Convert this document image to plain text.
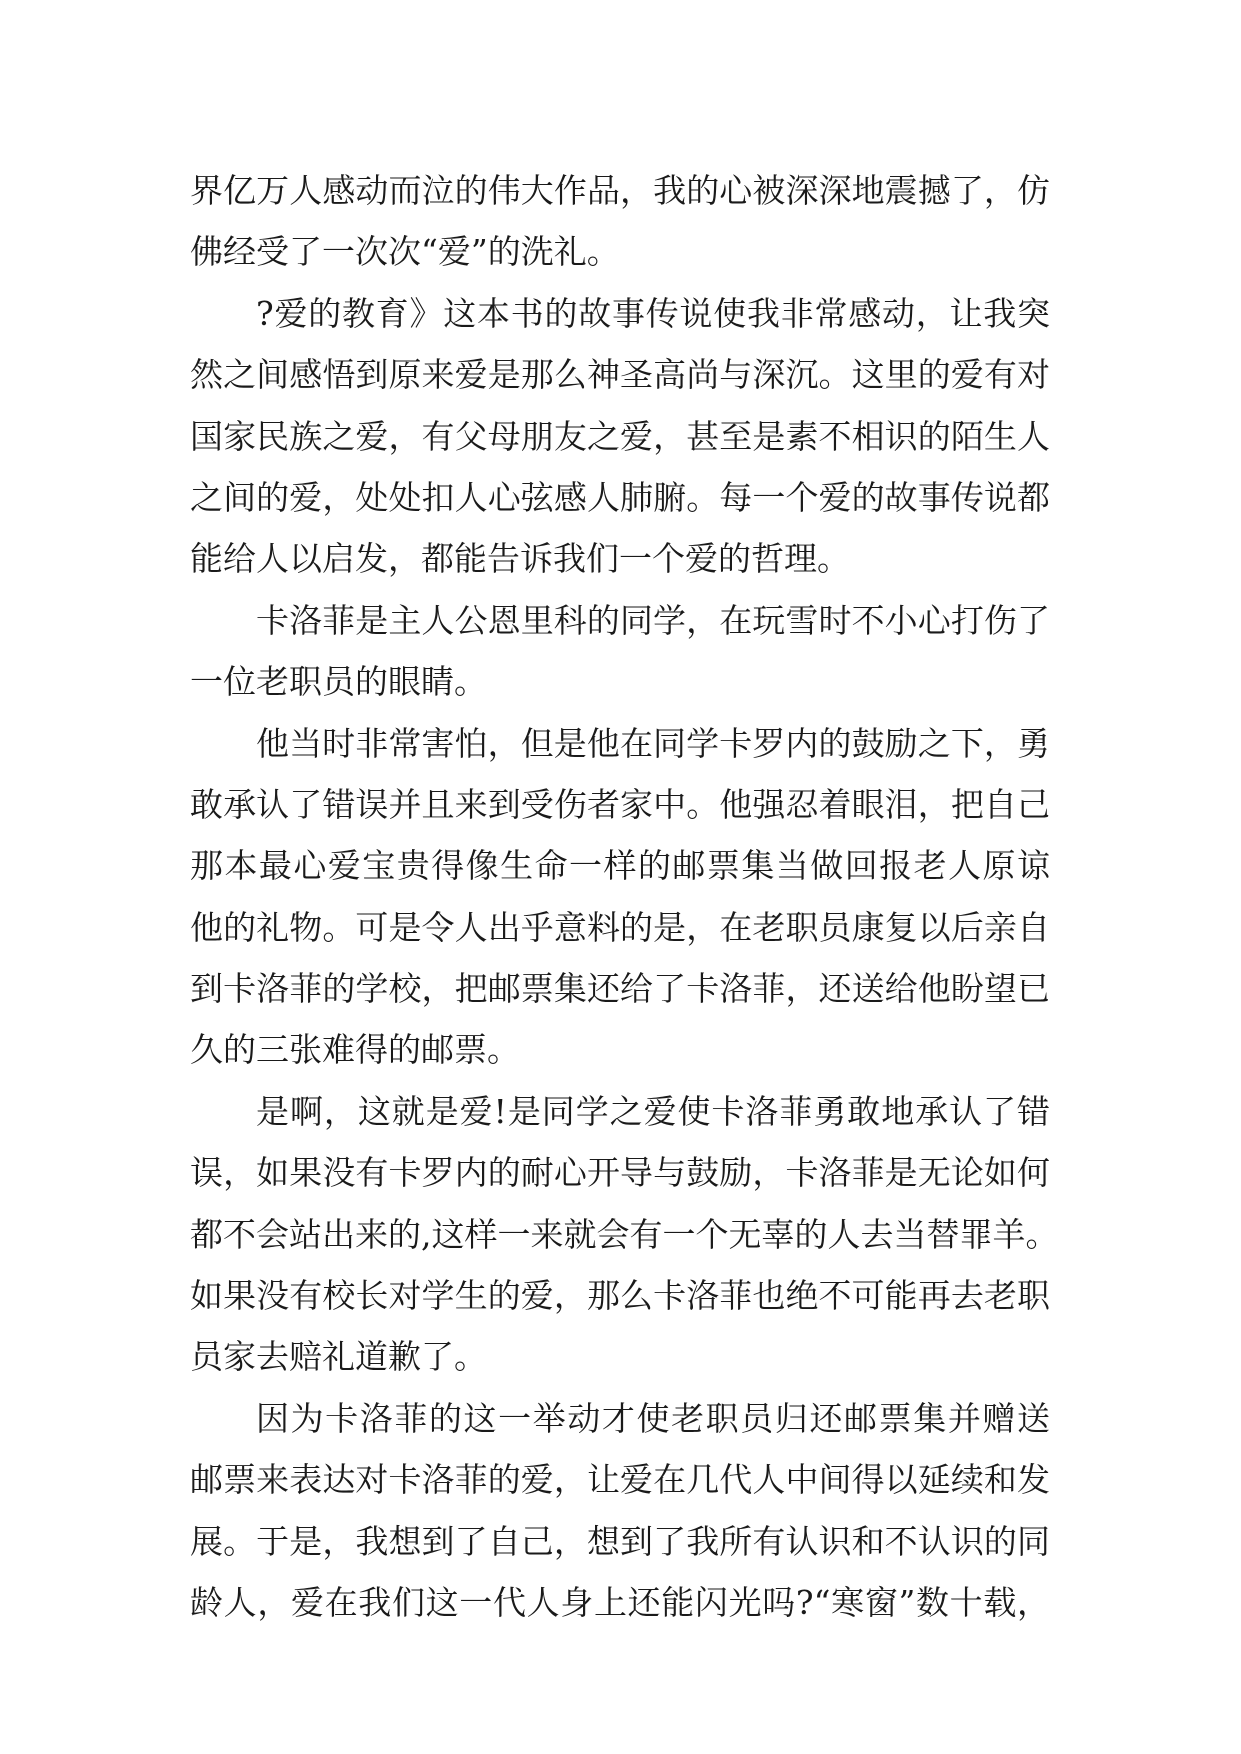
界亿万人感动而泣的伟大作品，我的心被深深地震撼了，仿
佛经受了一次次“爱”的洗礼。
?爱的教育》这本书的故事传说使我非常感动，让我突
然之间感悟到原来爱是那么神圣高尚与深沉。这里的爱有对
国家民族之爱，有父母朋友之爱，甚至是素不相识的陌生人
之间的爱，处处扣人心弦感人肺腑。每一个爱的故事传说都
能给人以启发，都能告诉我们一个爱的哲理。
卡洛菲是主人公恩里科的同学，在玩雪时不小心打伤了
一位老职员的眼睛。
他当时非常害怕，但是他在同学卡罗内的鼓励之下，勇
敢承认了错误并且来到受伤者家中。他强忍着眼泪，把自己
那本最心爱宝贵得像生命一样的邮票集当做回报老人原谅
他的礼物。可是令人出乎意料的是，在老职员康复以后亲自
到卡洛菲的学校，把邮票集还给了卡洛菲，还送给他盼望已
久的三张难得的邮票。
是啊，这就是爱!是同学之爱使卡洛菲勇敢地承认了错
误，如果没有卡罗内的耐心开导与鼓励，卡洛菲是无论如何
都不会站出来的,这样一来就会有一个无辜的人去当替罪羊。
如果没有校长对学生的爱，那么卡洛菲也绝不可能再去老职
员家去赔礼道歉了。
因为卡洛菲的这一举动才使老职员归还邮票集并赠送
邮票来表达对卡洛菲的爱，让爱在几代人中间得以延续和发
展。于是，我想到了自己，想到了我所有认识和不认识的同
龄人，爱在我们这一代人身上还能闪光吗?“寒窗”数十载，
